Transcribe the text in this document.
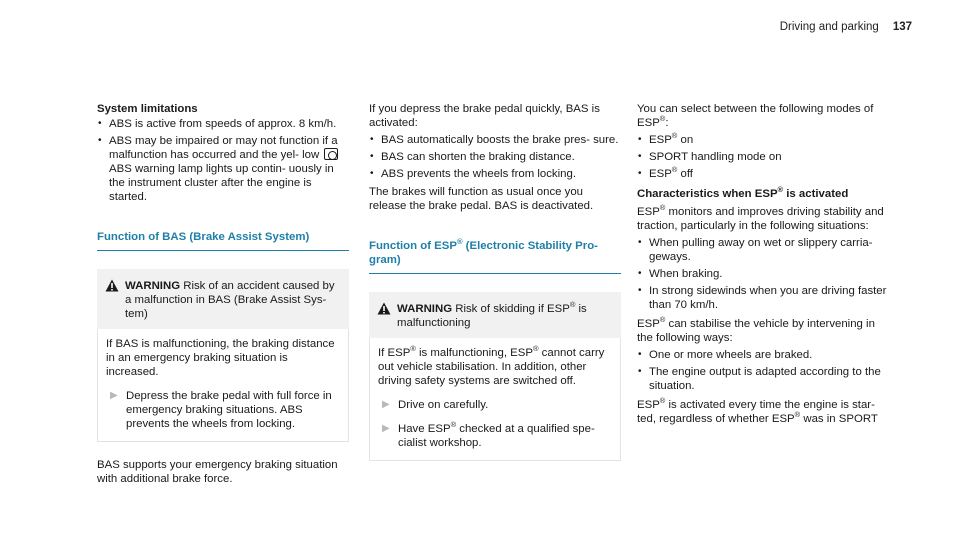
Driving and parking 137
System limitations
• ABS is active from speeds of approx. 8 km/h.
• ABS may be impaired or may not function if a malfunction has occurred and the yel- low  ABS warning lamp lights up contin- uously in the instrument cluster after the engine is started.
Function of BAS (Brake Assist System)
WARNING Risk of an accident caused by a malfunction in BAS (Brake Assist Sys- tem)

If BAS is malfunctioning, the braking distance in an emergency braking situation is increased.

▶ Depress the brake pedal with full force in emergency braking situations. ABS prevents the wheels from locking.

BAS supports your emergency braking situation with additional brake force.

If you depress the brake pedal quickly, BAS is activated:

• BAS automatically boosts the brake pres- sure.
• BAS can shorten the braking distance.
• ABS prevents the wheels from locking.

The brakes will function as usual once you release the brake pedal. BAS is deactivated.

Function of ESP® (Electronic Stability Pro- gram)
WARNING Risk of skidding if ESP® is malfunctioning

If ESP® is malfunctioning, ESP® cannot carry out vehicle stabilisation. In addition, other driving safety systems are switched off.

▶ Drive on carefully.
▶ Have ESP® checked at a qualified spe- cialist workshop.

You can select between the following modes of ESP®:

• ESP® on
• SPORT handling mode on
• ESP® off
Characteristics when ESP® is activated

ESP® monitors and improves driving stability and traction, particularly in the following situations:

• When pulling away on wet or slippery carria- geways.
• When braking.
• In strong sidewinds when you are driving faster than 70 km/h.

ESP® can stabilise the vehicle by intervening in the following ways:

• One or more wheels are braked.
• The engine output is adapted according to the situation.

ESP® is activated every time the engine is star- ted, regardless of whether ESP® was in SPORT
